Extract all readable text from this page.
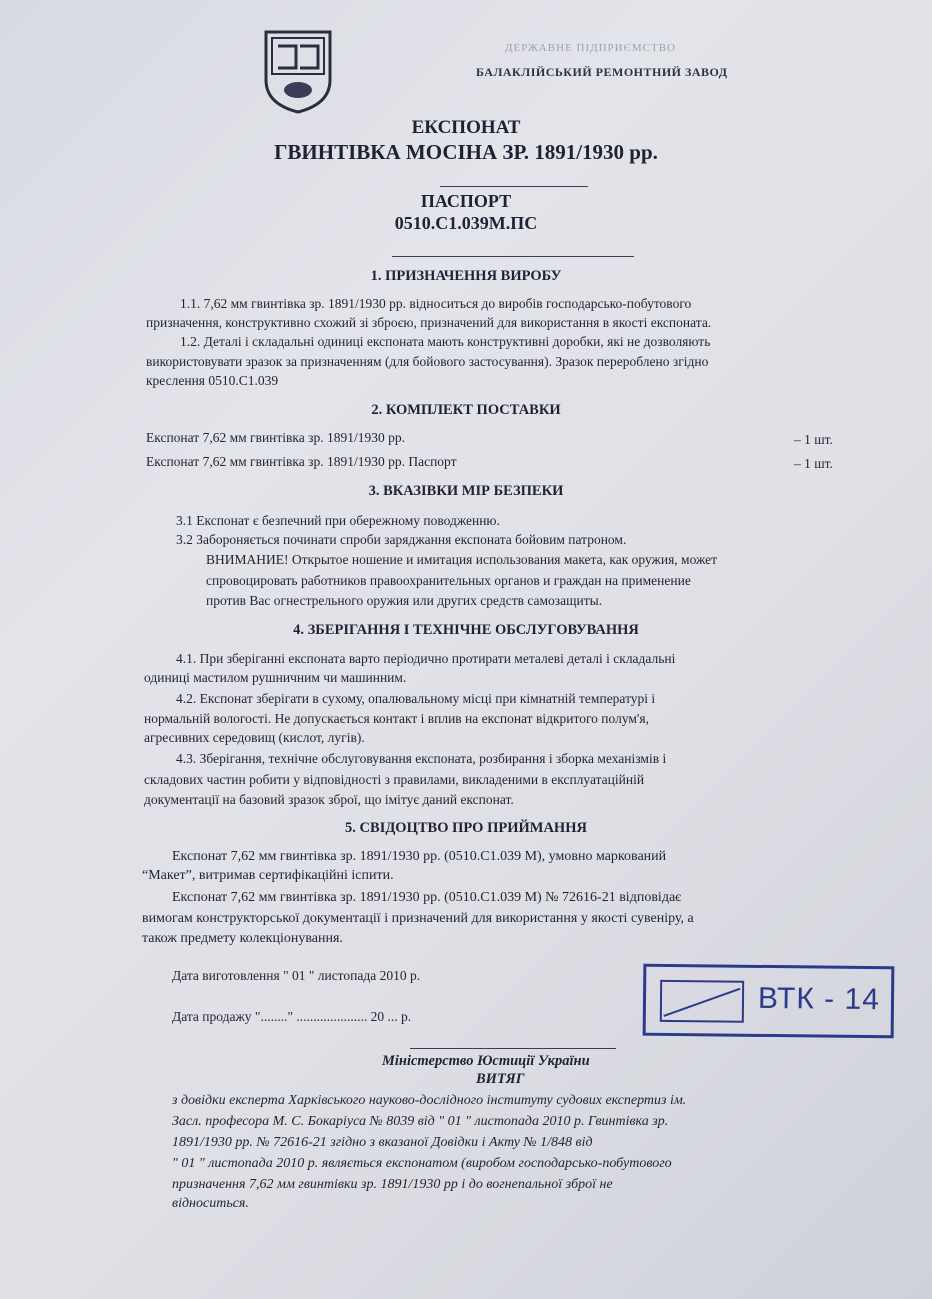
ДЕРЖАВНЕ ПІДПРИЄМСТВО
БАЛАКЛІЙСЬКИЙ РЕМОНТНИЙ ЗАВОД
ЕКСПОНАТ
ГВИНТІВКА МОСІНА ЗР. 1891/1930 рр.
ПАСПОРТ
0510.С1.039М.ПС
1. ПРИЗНАЧЕННЯ ВИРОБУ
1.1. 7,62 мм гвинтівка зр. 1891/1930 рр. відноситься до виробів господарсько-побутового
призначення, конструктивно схожий зі зброєю, призначений для використання в якості експоната.
1.2. Деталі і складальні одиниці експоната мають конструктивні доробки, які не дозволяють
використовувати зразок за призначенням (для бойового застосування). Зразок перероблено згідно
креслення 0510.С1.039
2. КОМПЛЕКТ ПОСТАВКИ
Експонат 7,62 мм гвинтівка зр. 1891/1930 рр.	– 1 шт.
Експонат 7,62 мм гвинтівка зр. 1891/1930 рр. Паспорт	– 1 шт.
3. ВКАЗІВКИ МІР БЕЗПЕКИ
3.1 Експонат є безпечний при обережному поводженню.
3.2 Забороняється починати спроби заряджання експоната бойовим патроном.
ВНИМАНИЕ! Открытое ношение и имитация использования макета, как оружия, может
спровоцировать работников правоохранительных органов и граждан на применение
против Вас огнестрельного оружия или других средств самозащиты.
4. ЗБЕРІГАННЯ І ТЕХНІЧНЕ ОБСЛУГОВУВАННЯ
4.1. При зберіганні експоната варто періодично протирати металеві деталі і складальні
одиниці мастилом рушничним чи машинним.
4.2. Експонат зберігати в сухому, опалювальному місці при кімнатній температурі і
нормальній вологості. Не допускається контакт і вплив на експонат відкритого полум'я,
агресивних середовищ (кислот, лугів).
4.3. Зберігання, технічне обслуговування експоната, розбирання і зборка механізмів і
складових частин робити у відповідності з правилами, викладеними в експлуатаційній
документації на базовий зразок зброї, що імітує даний експонат.
5. СВІДОЦТВО ПРО ПРИЙМАННЯ
Експонат 7,62 мм гвинтівка зр. 1891/1930 рр. (0510.С1.039 М), умовно маркований
“Макет”, витримав сертифікаційні іспити.
Експонат 7,62 мм гвинтівка зр. 1891/1930 рр. (0510.С1.039 М) № 72616-21 відповідає
вимогам конструкторської документації і призначений для використання у якості сувеніру, а
також предмету колекціонування.
Дата виготовлення " 01 " листопада 2010 р.
Дата продажу "........" ..................... 20 ... р.
ВТК - 14
Міністерство Юстиції України
ВИТЯГ
з довідки експерта Харківського науково-дослідного інституту судових експертиз ім.
Засл. професора М. С. Бокаріуса № 8039 від " 01 " листопада 2010 р. Гвинтівка зр.
1891/1930 рр. № 72616-21 згідно з вказаної Довідки і Акту № 1/848 від
" 01 " листопада 2010 р. являється експонатом (виробом господарсько-побутового
призначення 7,62 мм гвинтівки зр. 1891/1930 рр і до вогнепальної зброї не
відноситься.
